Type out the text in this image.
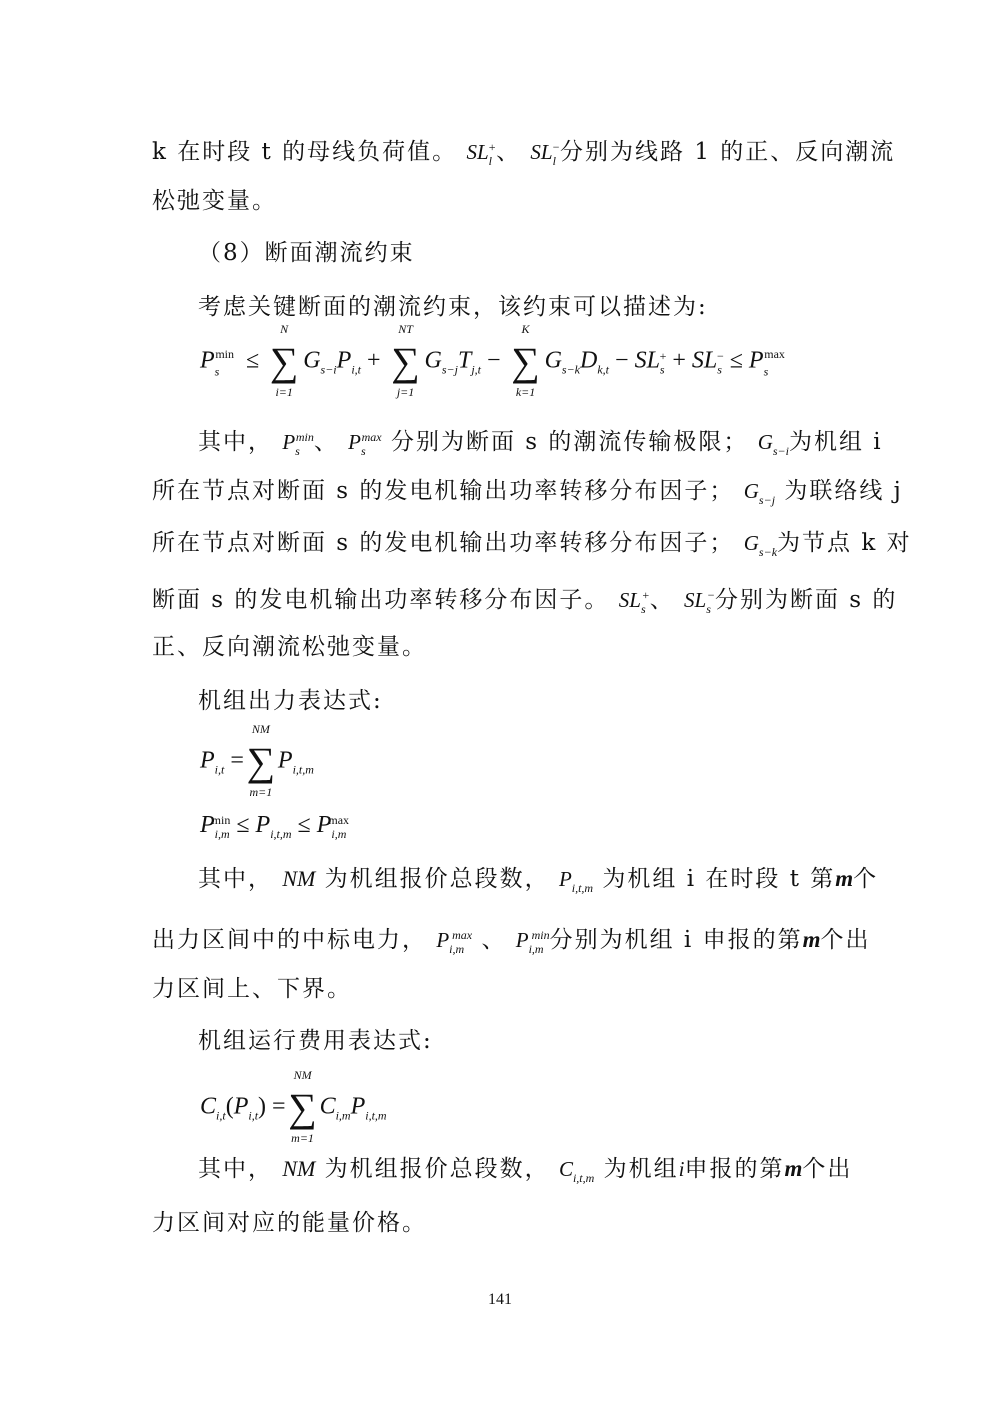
k 在时段 t 的母线负荷值。 $SL_l^+$、 $SL_l^-$分别为线路 1 的正、反向潮流
松弛变量。
（8）断面潮流约束
考虑关键断面的潮流约束，该约束可以描述为:
$P_s^{min}$  ≤
N
∑
i=1
$G_{s-i}P_{i,t}$ +
NT
∑
j=1
$G_{s-j}T_{j,t}$ −
K
∑
k=1
$G_{s-k}D_{k,t} - SL_s^+ + SL_s^- \le P_s^{max}$
其中， $P_s^{min}$、 $P_s^{max}$ 分别为断面 s 的潮流传输极限； $G_{s-i}$为机组 i
所在节点对断面 s 的发电机输出功率转移分布因子； $G_{s-j}$ 为联络线 j
所在节点对断面 s 的发电机输出功率转移分布因子； $G_{s-k}$为节点 k 对
断面 s 的发电机输出功率转移分布因子。 $SL_s^+$、 $SL_s^-$分别为断面 s 的
正、反向潮流松弛变量。
机组出力表达式:
$P_{i,t}$ =
NM
∑
m=1
$P_{i,t,m}$
$P_{i,m}^{min} \le P_{i,t,m} \le P_{i,m}^{max}$
其中， NM 为机组报价总段数， $P_{i,t,m}$ 为机组 i 在时段 t 第m个
出力区间中的中标电力， $P_{i,m}^{max}$ 、 $P_{i,m}^{min}$分别为机组 i 申报的第m个出
力区间上、下界。
机组运行费用表达式:
$C_{i,t}(P_{i,t})$ =
NM
∑
m=1
$C_{i,m}P_{i,t,m}$
其中， NM 为机组报价总段数， $C_{i,t,m}$ 为机组i申报的第m个出
力区间对应的能量价格。
141
